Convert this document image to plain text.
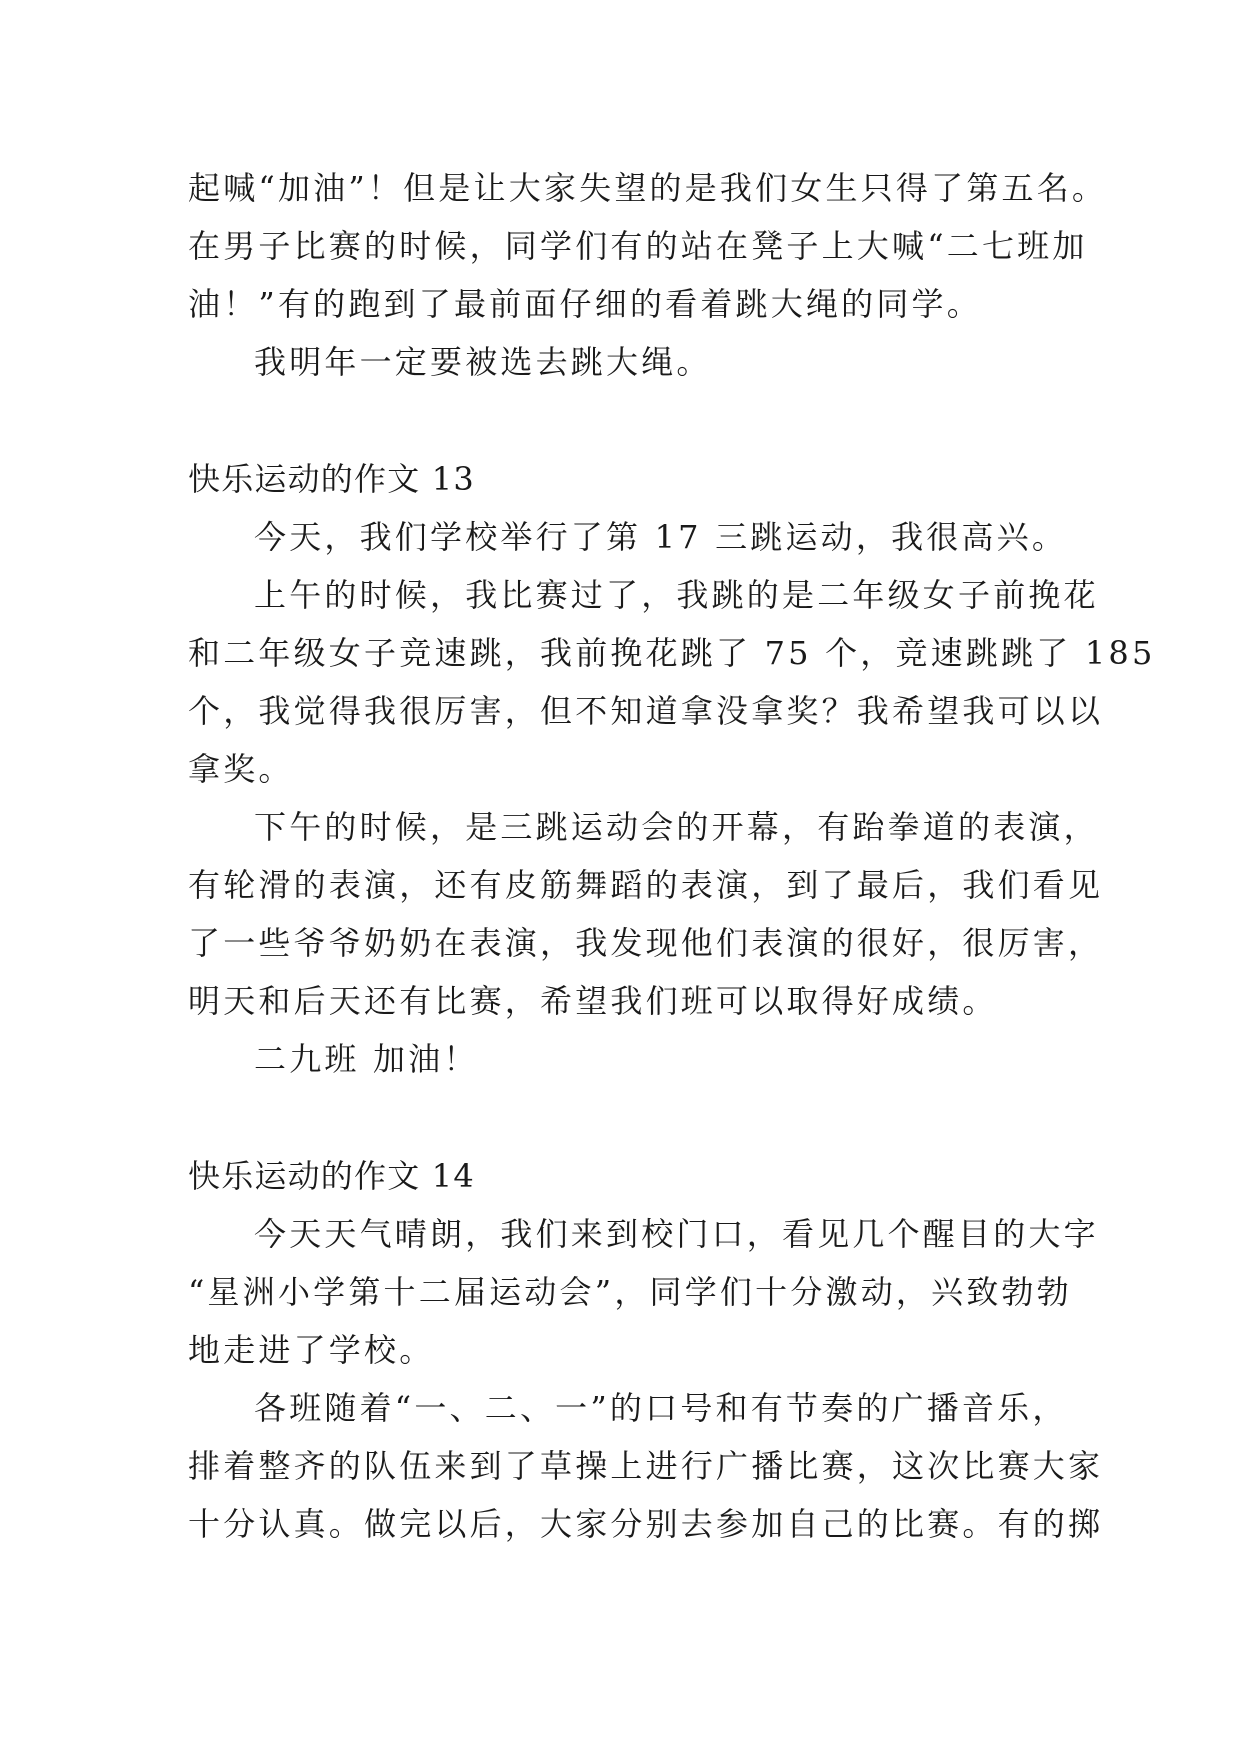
起喊“加油”！但是让大家失望的是我们女生只得了第五名。
在男子比赛的时候，同学们有的站在凳子上大喊“二七班加
油！”有的跑到了最前面仔细的看着跳大绳的同学。
我明年一定要被选去跳大绳。
快乐运动的作文 13
今天，我们学校举行了第 17 三跳运动，我很高兴。
上午的时候，我比赛过了，我跳的是二年级女子前挽花
和二年级女子竞速跳，我前挽花跳了 75 个，竞速跳跳了 185
个，我觉得我很厉害，但不知道拿没拿奖？我希望我可以以
拿奖。
下午的时候，是三跳运动会的开幕，有跆拳道的表演，
有轮滑的表演，还有皮筋舞蹈的表演，到了最后，我们看见
了一些爷爷奶奶在表演，我发现他们表演的很好，很厉害，
明天和后天还有比赛，希望我们班可以取得好成绩。
二九班 加油！
快乐运动的作文 14
今天天气晴朗，我们来到校门口，看见几个醒目的大字
“星洲小学第十二届运动会”，同学们十分激动，兴致勃勃
地走进了学校。
各班随着“一、二、一”的口号和有节奏的广播音乐，
排着整齐的队伍来到了草操上进行广播比赛，这次比赛大家
十分认真。做完以后，大家分别去参加自己的比赛。有的掷
